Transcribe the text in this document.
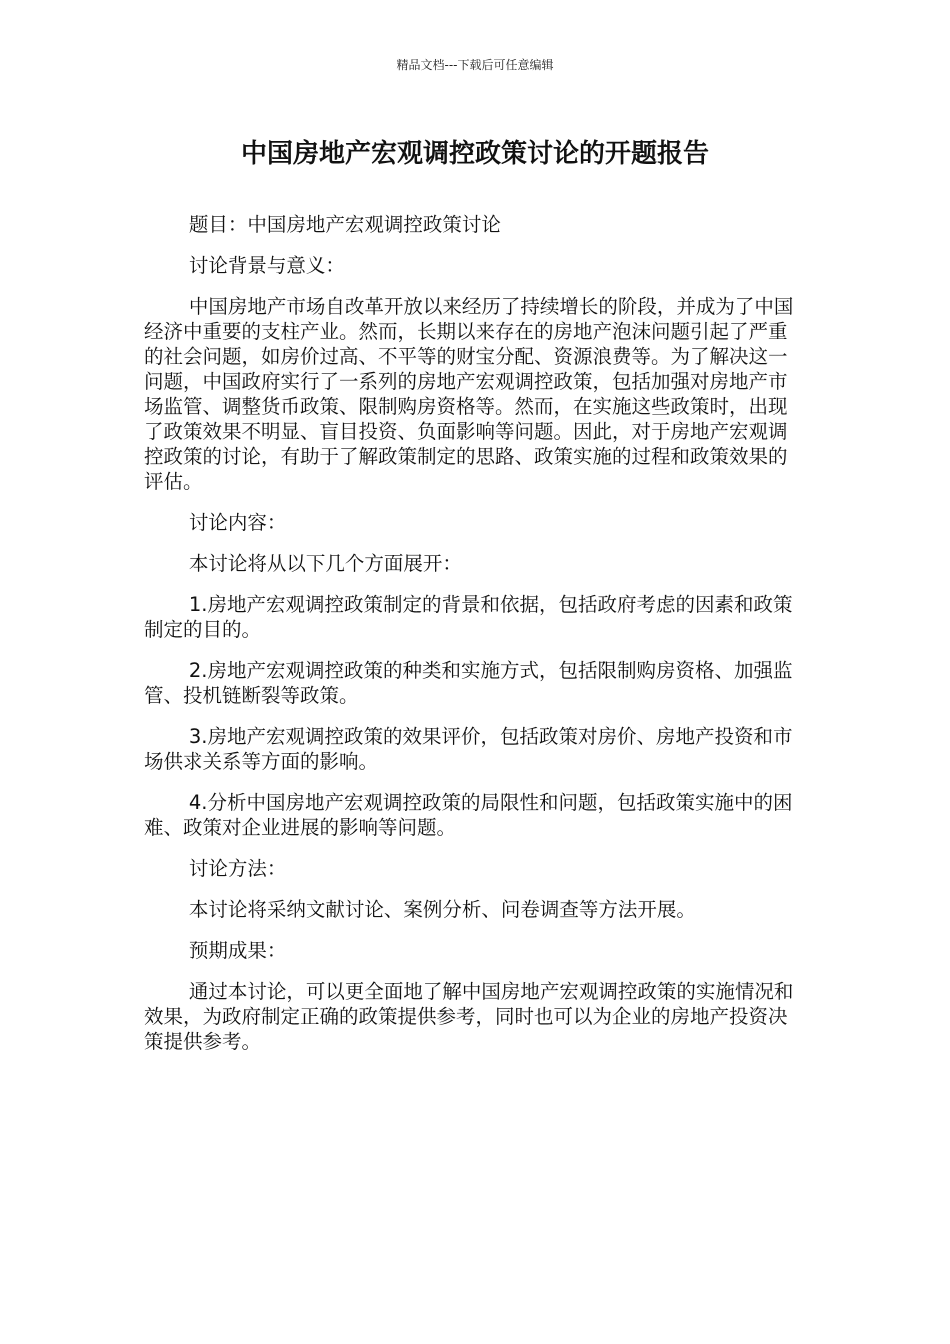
精品文档---下载后可任意编辑
中国房地产宏观调控政策讨论的开题报告

题目：中国房地产宏观调控政策讨论

讨论背景与意义：

中国房地产市场自改革开放以来经历了持续增长的阶段，并成为了中国经济中重要的支柱产业。然而，长期以来存在的房地产泡沫问题引起了严重的社会问题，如房价过高、不平等的财宝分配、资源浪费等。为了解决这一问题，中国政府实行了一系列的房地产宏观调控政策，包括加强对房地产市场监管、调整货币政策、限制购房资格等。然而，在实施这些政策时，出现了政策效果不明显、盲目投资、负面影响等问题。因此，对于房地产宏观调控政策的讨论，有助于了解政策制定的思路、政策实施的过程和政策效果的评估。

讨论内容：

本讨论将从以下几个方面展开：

1.房地产宏观调控政策制定的背景和依据，包括政府考虑的因素和政策制定的目的。

2.房地产宏观调控政策的种类和实施方式，包括限制购房资格、加强监管、投机链断裂等政策。

3.房地产宏观调控政策的效果评价，包括政策对房价、房地产投资和市场供求关系等方面的影响。

4.分析中国房地产宏观调控政策的局限性和问题，包括政策实施中的困难、政策对企业进展的影响等问题。

讨论方法：

本讨论将采纳文献讨论、案例分析、问卷调查等方法开展。

预期成果：

通过本讨论，可以更全面地了解中国房地产宏观调控政策的实施情况和效果，为政府制定正确的政策提供参考，同时也可以为企业的房地产投资决策提供参考。
